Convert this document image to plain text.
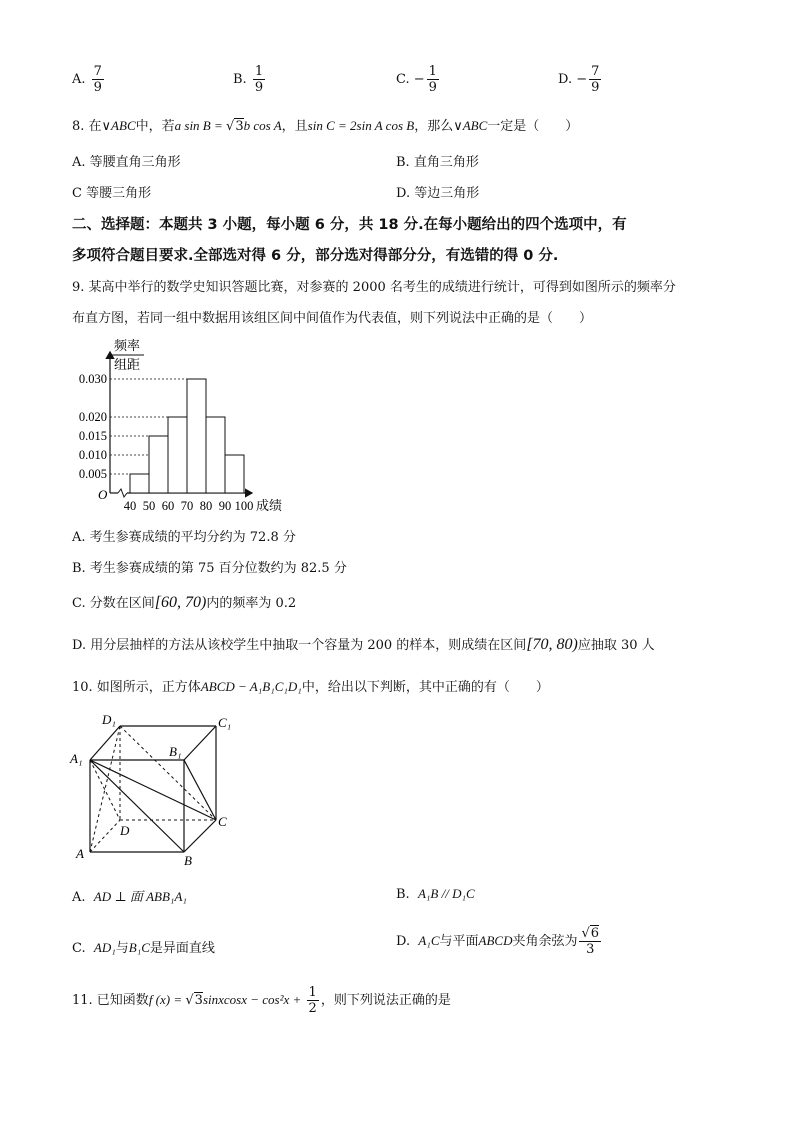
A. $\frac{7}{9}$	B. $\frac{1}{9}$	C. − $\frac{1}{9}$	D. − $\frac{7}{9}$
8. 在∨ABC中，若a sin B = √3b cos A，且sin C = 2sin A cos B，那么∨ABC一定是（　　）
A. 等腰直角三角形	B. 直角三角形
C 等腰三角形	D. 等边三角形
二、选择题：本题共 3 小题，每小题 6 分，共 18 分.在每小题给出的四个选项中，有
多项符合题目要求.全部选对得 6 分，部分选对得部分分，有选错的得 0 分.
9. 某高中举行的数学史知识答题比赛，对参赛的 2000 名考生的成绩进行统计，可得到如图所示的频率分
布直方图，若同一组中数据用该组区间中间值作为代表值，则下列说法中正确的是（　　）
频率
组距
O
0.030
0.020
0.015
0.010
0.005
40 50 60 70 80 90 100 成绩
A. 考生参赛成绩的平均分约为 72.8 分
B. 考生参赛成绩的第 75 百分位数约为 82.5 分
C. 分数在区间[60, 70)内的频率为 0.2
D. 用分层抽样的方法从该校学生中抽取一个容量为 200 的样本，则成绩在区间[70, 80)应抽取 30 人
10. 如图所示，正方体ABCD − A₁B₁C₁D₁中，给出以下判断，其中正确的有（　　）
D₁	C₁
B₁
A₁
D
C
A	B
A. AD ⊥ 面 ABB₁A₁	B. A₁B // D₁C
C. AD₁与B₁C是异面直线	D. A₁C与平面ABCD夹角余弦为 $\frac{√6}{3}$
11. 已知函数f (x) = √3sinxcosx − $\cos^2x + \frac{1}{2}$ ，则下列说法正确的是
